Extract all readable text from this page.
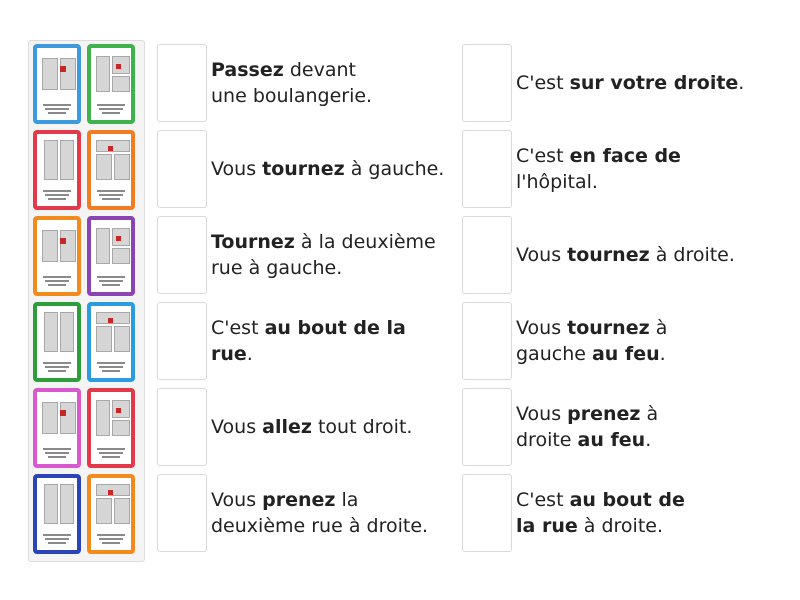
Passez devant
une boulangerie.
Vous tournez à gauche.
Tournez à la deuxième
rue à gauche.
C'est au bout de la rue.
Vous allez tout droit.
Vous prenez la
deuxième rue à droite.
C'est sur votre droite.
C'est en face de l'hôpital.
Vous tournez à droite.
Vous tournez à
gauche au feu.
Vous prenez à
droite au feu.
C'est au bout de
la rue à droite.
